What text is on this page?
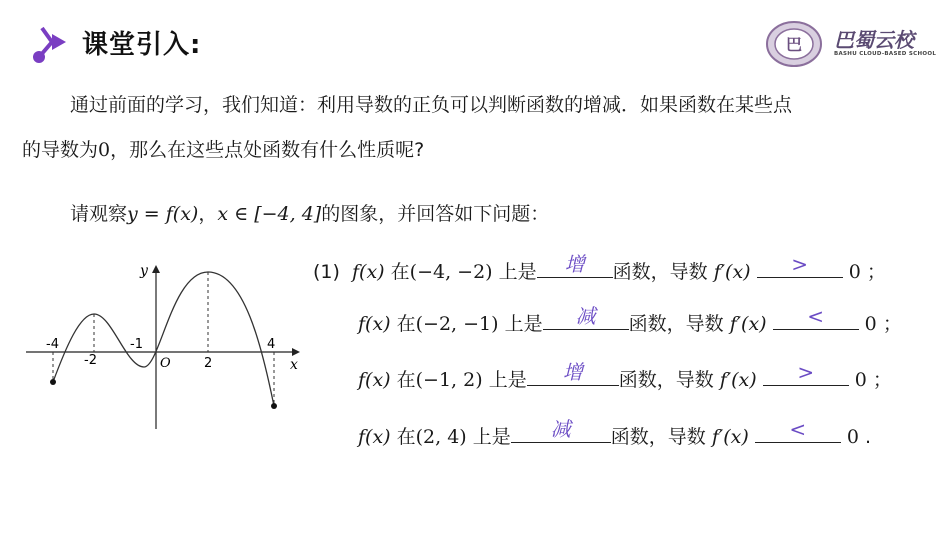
课堂引入:	巴 巴蜀云校
BASHU CLOUD-BASED SCHOOL
通过前面的学习，我们知道：利用导数的正负可以判断函数的增减．如果函数在某些点
的导数为0，那么在这些点处函数有什么性质呢?
请观察y = f(x)，x ∈ [−4, 4]的图象，并回答如下问题：
x
y
O
-4
-2
-1
2
4
(1) f(x) 在(−4, −2) 上是	增	函数，导数 f′(x)	>	0 ；
f(x) 在(−2, −1) 上是	减	函数，导数 f′(x)	<	0 ；
f(x) 在(−1, 2) 上是	增	函数，导数 f′(x)	>	0 ；
f(x) 在(2, 4) 上是	减	函数，导数 f′(x)	<	0 .
